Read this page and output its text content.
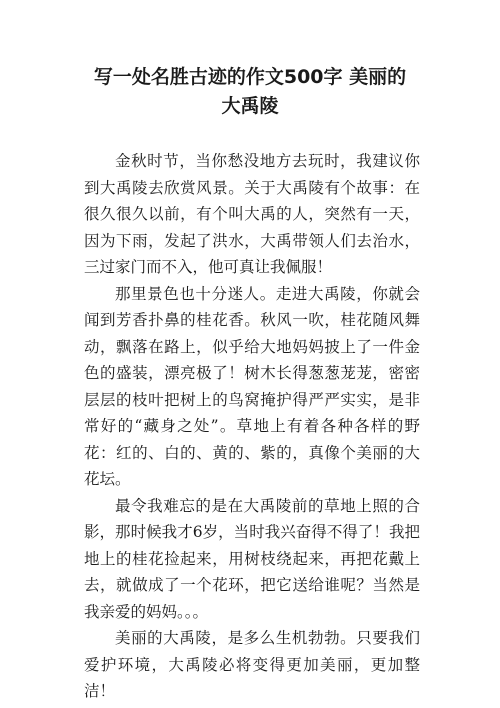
写一处名胜古迹的作文500字 美丽的
大禹陵

金秋时节，当你愁没地方去玩时，我建议你到大禹陵去欣赏风景。关于大禹陵有个故事：在很久很久以前，有个叫大禹的人，突然有一天，因为下雨，发起了洪水，大禹带领人们去治水，三过家门而不入，他可真让我佩服！

那里景色也十分迷人。走进大禹陵，你就会闻到芳香扑鼻的桂花香。秋风一吹，桂花随风舞动，飘落在路上，似乎给大地妈妈披上了一件金色的盛装，漂亮极了！树木长得葱葱茏茏，密密层层的枝叶把树上的鸟窝掩护得严严实实，是非常好的“藏身之处”。草地上有着各种各样的野花：红的、白的、黄的、紫的，真像个美丽的大花坛。

最令我难忘的是在大禹陵前的草地上照的合影，那时候我才6岁，当时我兴奋得不得了！我把地上的桂花捡起来，用树枝绕起来，再把花戴上去，就做成了一个花环，把它送给谁呢？当然是我亲爱的妈妈。。。

美丽的大禹陵，是多么生机勃勃。只要我们爱护环境，大禹陵必将变得更加美丽，更加整洁！
